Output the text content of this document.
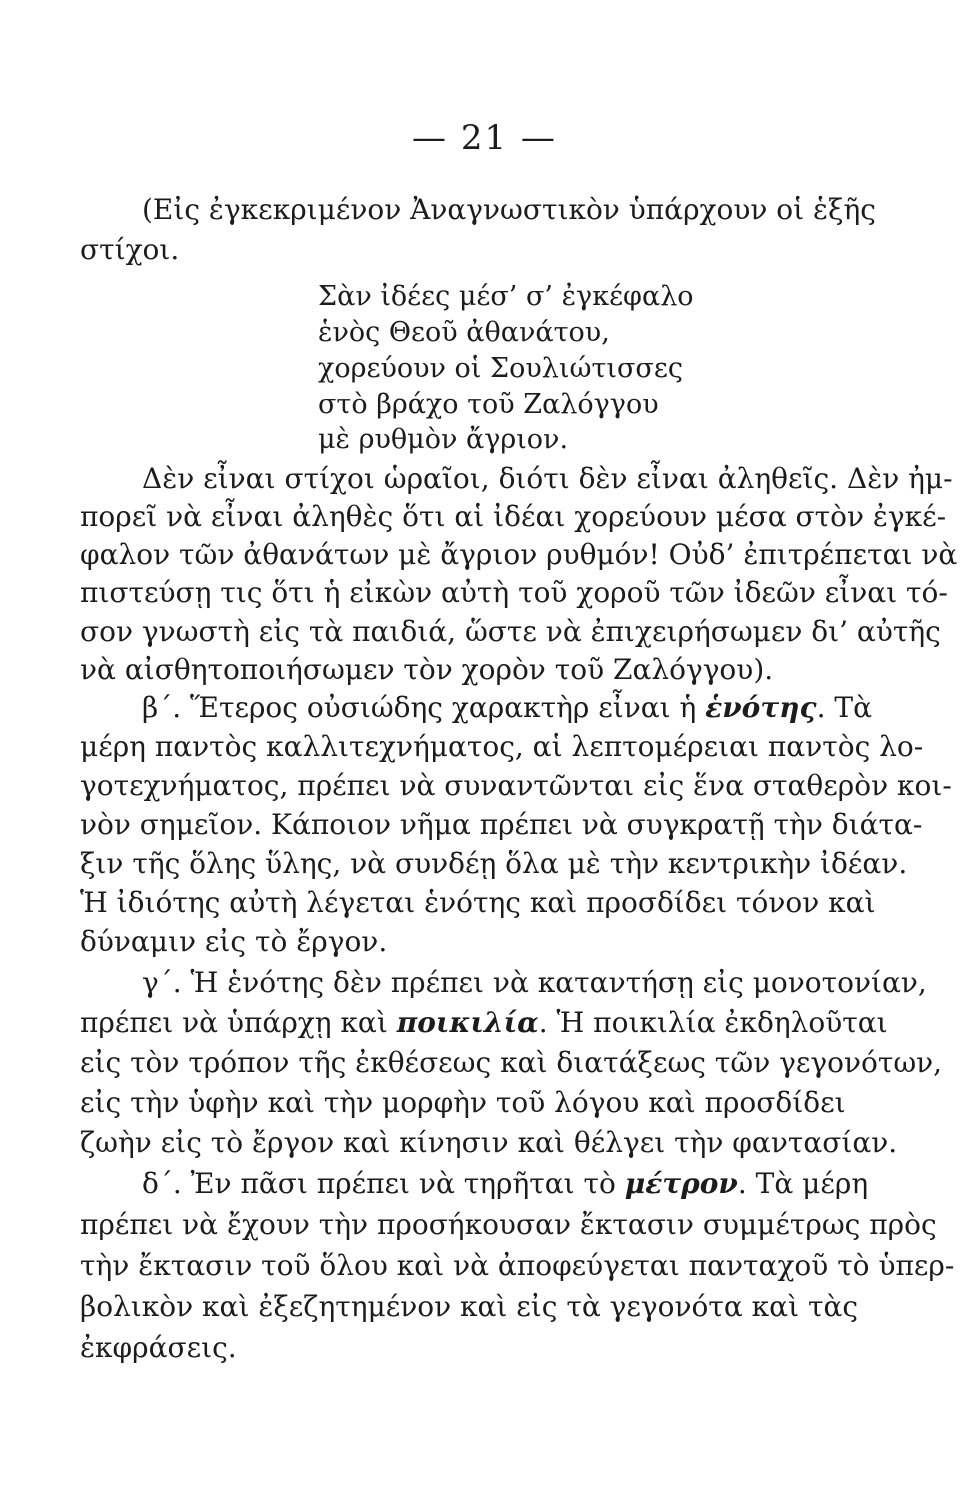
— 21 —
(Εἰς ἐγκεκριμένον Ἀναγνωστικὸν ὑπάρχουν οἱ ἑξῆς
στίχοι.
Σὰν ἰδέες μέσ’ σ’ ἐγκέφαλο
ἑνὸς Θεοῦ ἀθανάτου,
χορεύουν οἱ Σουλιώτισσες
στὸ βράχο τοῦ Ζαλόγγου
μὲ ρυθμὸν ἄγριον.
Δὲν εἶναι στίχοι ὡραῖοι, διότι δὲν εἶναι ἀληθεῖς. Δὲν ἠμ-
πορεῖ νὰ εἶναι ἀληθὲς ὅτι αἱ ἰδέαι χορεύουν μέσα στὸν ἐγκέ-
φαλον τῶν ἀθανάτων μὲ ἄγριον ρυθμόν! Οὐδ’ ἐπιτρέπεται νὰ
πιστεύσῃ τις ὅτι ἡ εἰκὼν αὐτὴ τοῦ χοροῦ τῶν ἰδεῶν εἶναι τό-
σον γνωστὴ εἰς τὰ παιδιά, ὥστε νὰ ἐπιχειρήσωμεν δι’ αὐτῆς
νὰ αἰσθητοποιήσωμεν τὸν χορὸν τοῦ Ζαλόγγου).
β΄. Ἕτερος οὐσιώδης χαρακτὴρ εἶναι ἡ ἑνότης. Τὰ
μέρη παντὸς καλλιτεχνήματος, αἱ λεπτομέρειαι παντὸς λο-
γοτεχνήματος, πρέπει νὰ συναντῶνται εἰς ἕνα σταθερὸν κοι-
νὸν σημεῖον. Κάποιον νῆμα πρέπει νὰ συγκρατῇ τὴν διάτα-
ξιν τῆς ὅλης ὕλης, νὰ συνδέῃ ὅλα μὲ τὴν κεντρικὴν ἰδέαν.
Ἡ ἰδιότης αὐτὴ λέγεται ἑνότης καὶ προσδίδει τόνον καὶ
δύναμιν εἰς τὸ ἔργον.
γ΄. Ἡ ἑνότης δὲν πρέπει νὰ καταντήσῃ εἰς μονοτονίαν,
πρέπει νὰ ὑπάρχῃ καὶ ποικιλία. Ἡ ποικιλία ἐκδηλοῦται
εἰς τὸν τρόπον τῆς ἐκθέσεως καὶ διατάξεως τῶν γεγονότων,
εἰς τὴν ὑφὴν καὶ τὴν μορφὴν τοῦ λόγου καὶ προσδίδει
ζωὴν εἰς τὸ ἔργον καὶ κίνησιν καὶ θέλγει τὴν φαντασίαν.
δ΄. Ἐν πᾶσι πρέπει νὰ τηρῆται τὸ μέτρον. Τὰ μέρη
πρέπει νὰ ἔχουν τὴν προσήκουσαν ἔκτασιν συμμέτρως πρὸς
τὴν ἔκτασιν τοῦ ὅλου καὶ νὰ ἀποφεύγεται πανταχοῦ τὸ ὑπερ-
βολικὸν καὶ ἐξεζητημένον καὶ εἰς τὰ γεγονότα καὶ τὰς
ἐκφράσεις.
